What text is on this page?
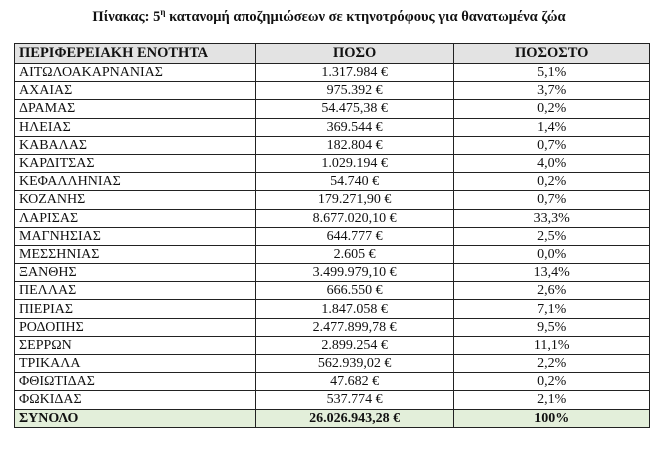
Πίνακας: $5^\eta$ κατανομή αποζημιώσεων σε κτηνοτρόφους για θανατωμένα ζώα
ΠΕΡΙΦΕΡΕΙΑΚΗ ΕΝΟΤΗΤΑ	ΠΟΣΟ	ΠΟΣΟΣΤΟ
ΑΙΤΩΛΟΑΚΑΡΝΑΝΙΑΣ	1.317.984 €	5,1%
ΑΧΑΙΑΣ	975.392 €	3,7%
ΔΡΑΜΑΣ	54.475,38 €	0,2%
ΗΛΕΙΑΣ	369.544 €	1,4%
ΚΑΒΑΛΑΣ	182.804 €	0,7%
ΚΑΡΔΙΤΣΑΣ	1.029.194 €	4,0%
ΚΕΦΑΛΛΗΝΙΑΣ	54.740 €	0,2%
ΚΟΖΑΝΗΣ	179.271,90 €	0,7%
ΛΑΡΙΣΑΣ	8.677.020,10 €	33,3%
ΜΑΓΝΗΣΙΑΣ	644.777 €	2,5%
ΜΕΣΣΗΝΙΑΣ	2.605 €	0,0%
ΞΑΝΘΗΣ	3.499.979,10 €	13,4%
ΠΕΛΛΑΣ	666.550 €	2,6%
ΠΙΕΡΙΑΣ	1.847.058 €	7,1%
ΡΟΔΟΠΗΣ	2.477.899,78 €	9,5%
ΣΕΡΡΩΝ	2.899.254 €	11,1%
ΤΡΙΚΑΛΑ	562.939,02 €	2,2%
ΦΘΙΩΤΙΔΑΣ	47.682 €	0,2%
ΦΩΚΙΔΑΣ	537.774 €	2,1%
ΣΥΝΟΛΟ	26.026.943,28 €	100%
